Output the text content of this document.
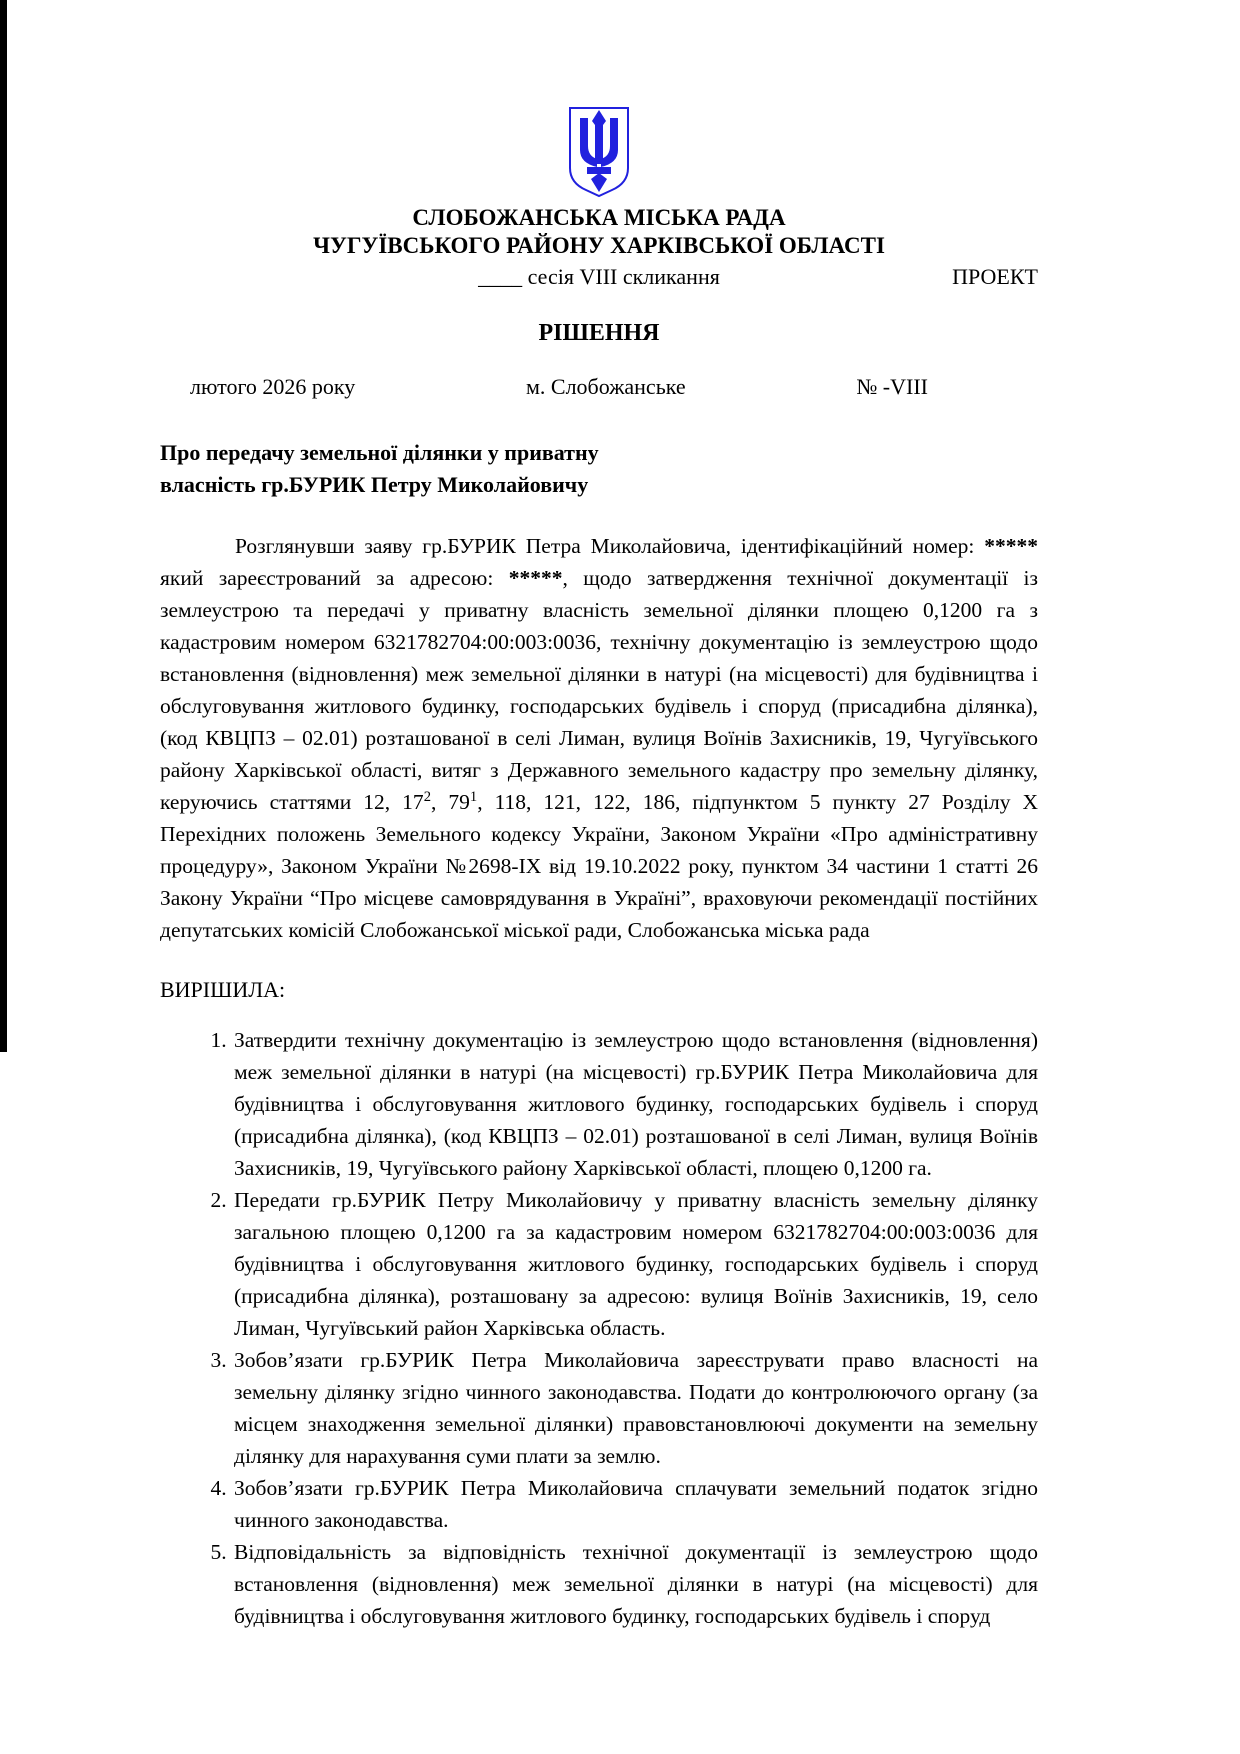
СЛОБОЖАНСЬКА МІСЬКА РАДА
ЧУГУЇВСЬКОГО РАЙОНУ ХАРКІВСЬКОЇ ОБЛАСТІ
____ сесія VIII скликання	ПРОЕКТ
РІШЕННЯ
лютого 2026 року	м. Слобожанське	№ -VIII
Про передачу земельної ділянки у приватну
власність гр.БУРИК Петру Миколайовичу

Розглянувши заяву гр.БУРИК Петра Миколайовича, ідентифікаційний номер: ***** який зареєстрований за адресою: *****, щодо затвердження технічної документації із землеустрою та передачі у приватну власність земельної ділянки площею 0,1200 га з кадастровим номером 6321782704:00:003:0036, технічну документацію із землеустрою щодо встановлення (відновлення) меж земельної ділянки в натурі (на місцевості) для будівництва і обслуговування житлового будинку, господарських будівель і споруд (присадибна ділянка), (код КВЦПЗ – 02.01) розташованої в селі Лиман, вулиця Воїнів Захисників, 19, Чугуївського району Харківської області, витяг з Державного земельного кадастру про земельну ділянку, керуючись статтями 12, $17^2$, $79^1$, 118, 121, 122, 186, підпунктом 5 пункту 27 Розділу X Перехідних положень Земельного кодексу України, Законом України «Про адміністративну процедуру», Законом України №2698-IX від 19.10.2022 року, пунктом 34 частини 1 статті 26 Закону України “Про місцеве самоврядування в Україні”, враховуючи рекомендації постійних депутатських комісій Слобожанської міської ради, Слобожанська міська рада

ВИРІШИЛА:
1. Затвердити технічну документацію із землеустрою щодо встановлення (відновлення) меж земельної ділянки в натурі (на місцевості) гр.БУРИК Петра Миколайовича для будівництва і обслуговування житлового будинку, господарських будівель і споруд (присадибна ділянка), (код КВЦПЗ – 02.01) розташованої в селі Лиман, вулиця Воїнів Захисників, 19, Чугуївського району Харківської області, площею 0,1200 га.
2. Передати гр.БУРИК Петру Миколайовичу у приватну власність земельну ділянку загальною площею 0,1200 га за кадастровим номером 6321782704:00:003:0036 для будівництва і обслуговування житлового будинку, господарських будівель і споруд (присадибна ділянка), розташовану за адресою: вулиця Воїнів Захисників, 19, село Лиман, Чугуївський район Харківська область.
3. Зобов’язати гр.БУРИК Петра Миколайовича зареєструвати право власності на земельну ділянку згідно чинного законодавства. Подати до контролюючого органу (за місцем знаходження земельної ділянки) правовстановлюючі документи на земельну ділянку для нарахування суми плати за землю.
4. Зобов’язати гр.БУРИК Петра Миколайовича сплачувати земельний податок згідно чинного законодавства.
5. Відповідальність за відповідність технічної документації із землеустрою щодо встановлення (відновлення) меж земельної ділянки в натурі (на місцевості) для будівництва і обслуговування житлового будинку, господарських будівель і споруд
